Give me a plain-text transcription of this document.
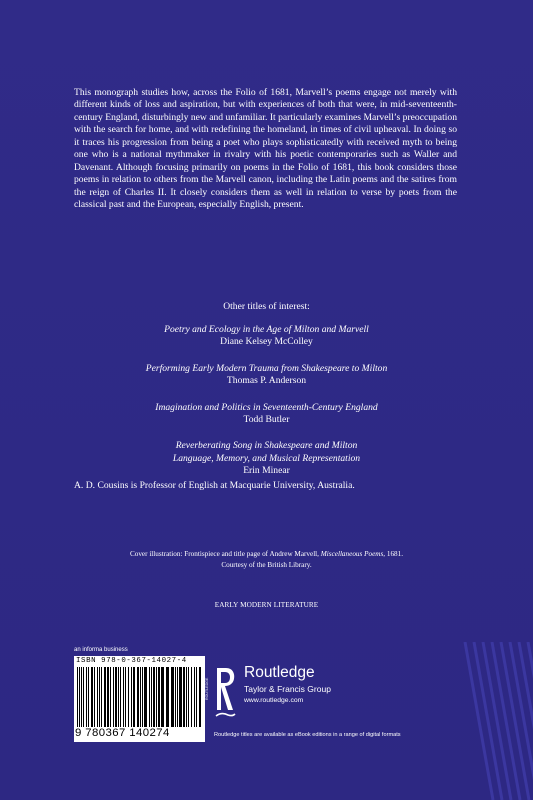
This monograph studies how, across the Folio of 1681, Marvell’s poems engage not merely with different kinds of loss and aspiration, but with experiences of both that were, in mid-seventeenth-century England, disturbingly new and unfamiliar. It particularly examines Marvell’s preoccupation with the search for home, and with redefining the homeland, in times of civil upheaval. In doing so it traces his progression from being a poet who plays sophisticatedly with received myth to being one who is a national mythmaker in rivalry with his poetic contemporaries such as Waller and Davenant. Although focusing primarily on poems in the Folio of 1681, this book considers those poems in relation to others from the Marvell canon, including the Latin poems and the satires from the reign of Charles II. It closely considers them as well in relation to verse by poets from the classical past and the European, especially English, present.

Other titles of interest:

Poetry and Ecology in the Age of Milton and Marvell
Diane Kelsey McColley
Performing Early Modern Trauma from Shakespeare to Milton
Thomas P. Anderson
Imagination and Politics in Seventeenth-Century England
Todd Butler
Reverberating Song in Shakespeare and Milton
Language, Memory, and Musical Representation
Erin Minear

A. D. Cousins is Professor of English at Macquarie University, Australia.

Cover illustration: Frontispiece and title page of Andrew Marvell, Miscellaneous Poems, 1681.
Courtesy of the British Library.

EARLY MODERN LITERATURE

an informa business

ISBN 978-0-367-14027-4

9 780367 140274

ROUTLEDGE

Routledge

Taylor & Francis Group

www.routledge.com

Routledge titles are available as eBook editions in a range of digital formats
